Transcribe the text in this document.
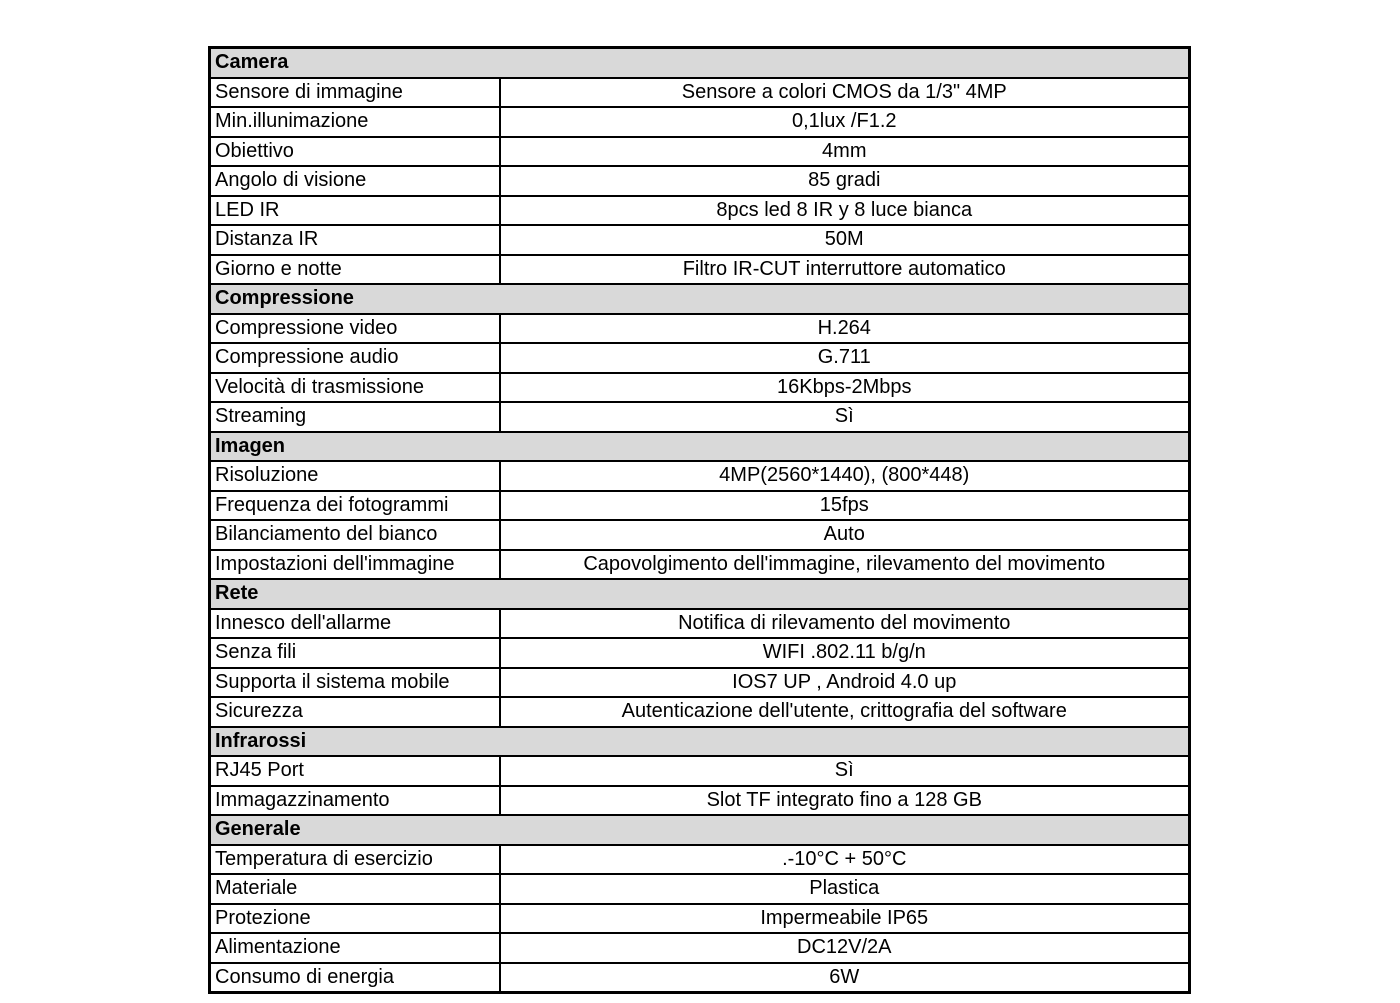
Camera	
Sensore di immagine	Sensore a colori CMOS da 1/3" 4MP
Min.illunimazione	0,1lux /F1.2
Obiettivo	4mm
Angolo di visione	85 gradi
LED IR	8pcs led 8 IR y 8 luce bianca
Distanza IR	50M
Giorno e notte	Filtro IR-CUT interruttore automatico
Compressione	
Compressione video	H.264
Compressione audio	G.711
Velocità di trasmissione	16Kbps-2Mbps
Streaming	Sì
Imagen	
Risoluzione	4MP(2560*1440), (800*448)
Frequenza dei fotogrammi	15fps
Bilanciamento del bianco	Auto
Impostazioni dell'immagine	Capovolgimento dell'immagine, rilevamento del movimento
Rete	
Innesco dell'allarme	Notifica di rilevamento del movimento
Senza fili	WIFI .802.11 b/g/n
Supporta il sistema mobile	IOS7 UP , Android 4.0 up
Sicurezza	Autenticazione dell'utente, crittografia del software
Infrarossi	
RJ45 Port	Sì
Immagazzinamento	Slot TF integrato fino a 128 GB
Generale	
Temperatura di esercizio	.-10°C + 50°C
Materiale	Plastica
Protezione	Impermeabile IP65
Alimentazione	DC12V/2A
Consumo di energia	6W
